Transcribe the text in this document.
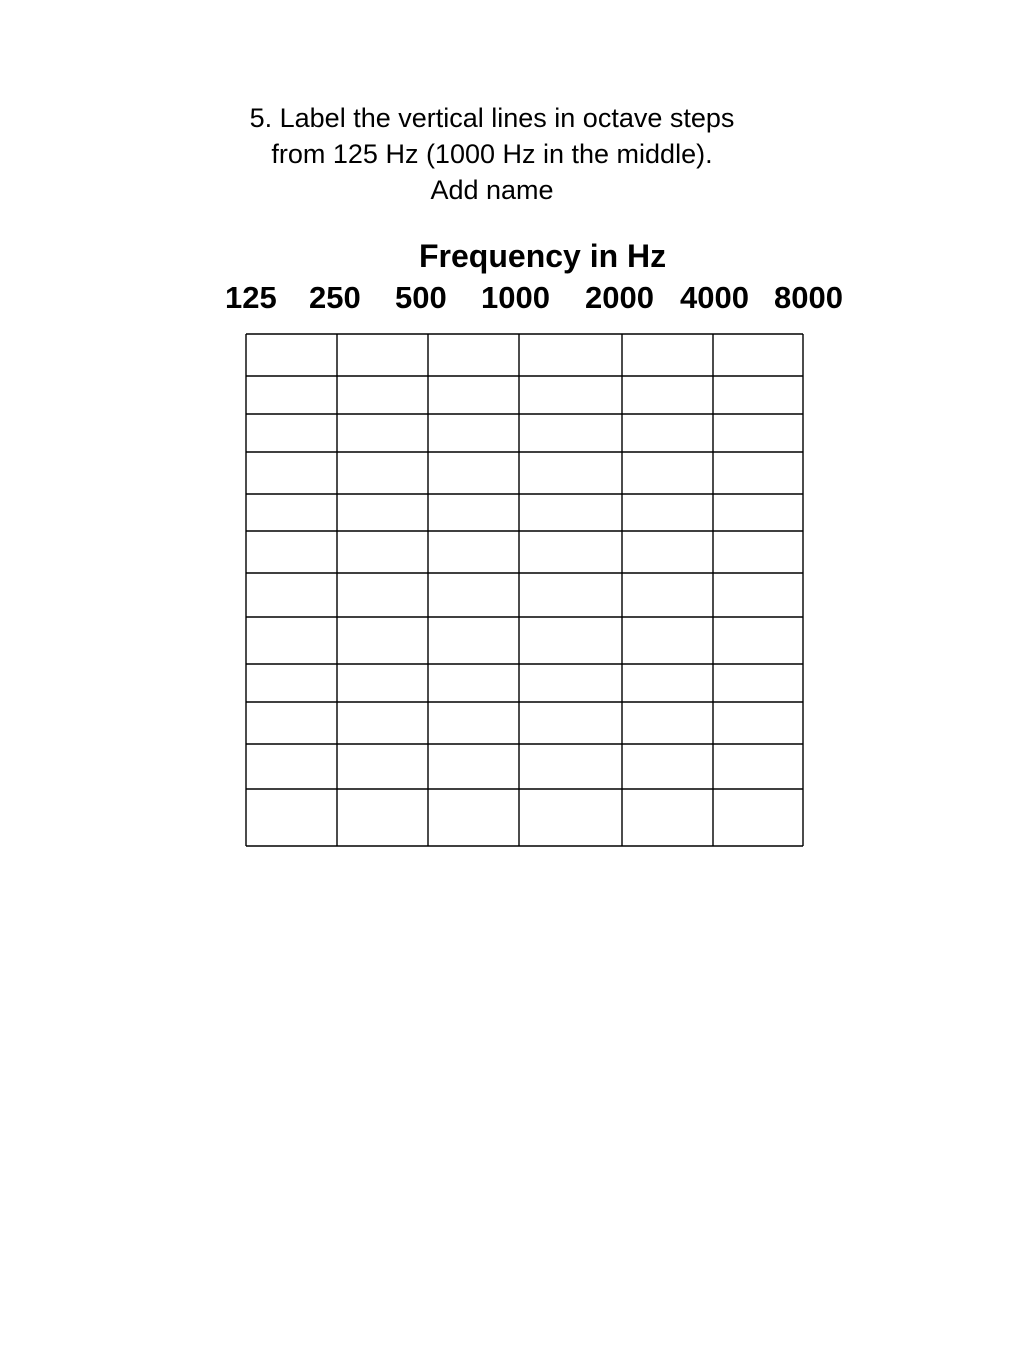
5. Label the vertical lines in octave steps
from 125 Hz (1000 Hz in the middle).
Add name
Frequency in Hz
125 250 500 1000 2000 4000 8000
